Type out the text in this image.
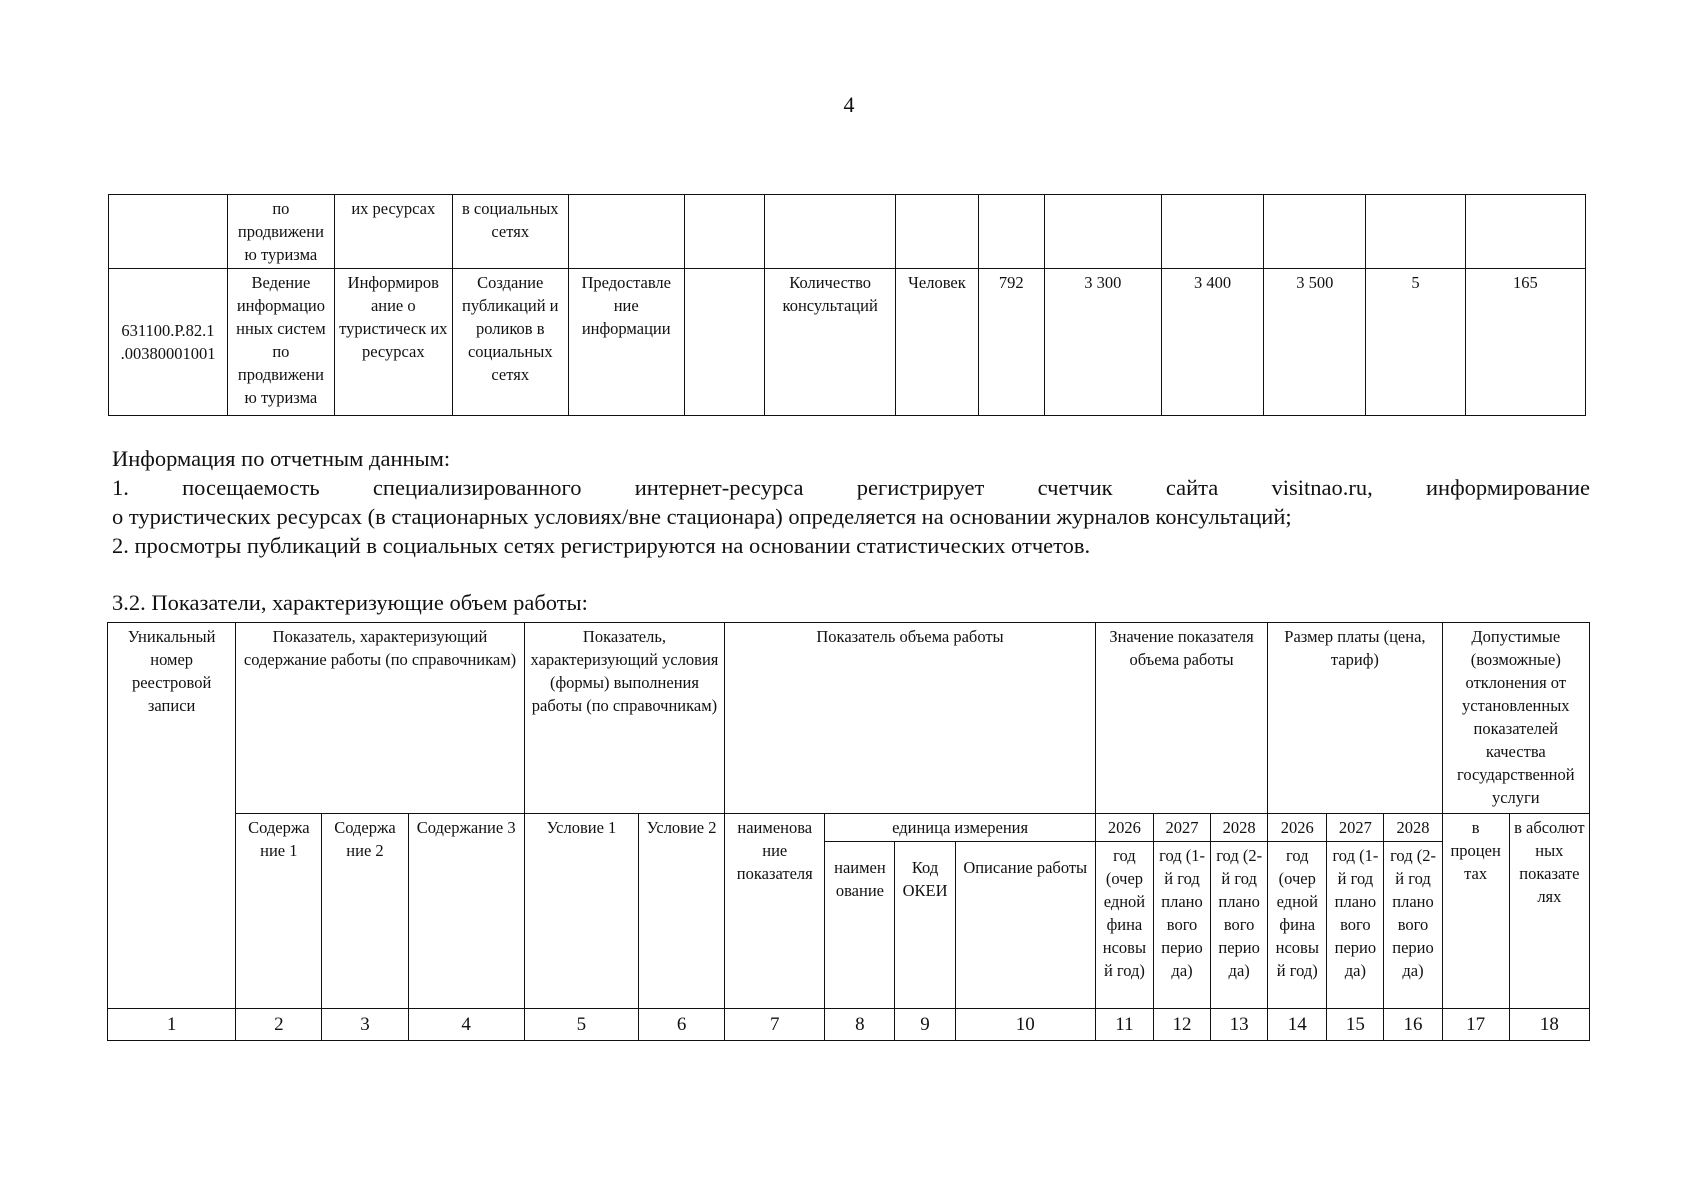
4
	по продвижени ю туризма	их ресурсах	в социальных сетях										
631100.Р.82.1 .00380001001	Ведение информацио нных систем по продвижени ю туризма	Информиров ание о туристическ их ресурсах	Создание публикаций и роликов в социальных сетях	Предоставле ние информации		Количество консультаций	Человек	792	3 300	3 400	3 500	5	165

Информация по отчетным данным:

1. посещаемость специализированного интернет-ресурса регистрирует счетчик сайта visitnao.ru, информирование

о туристических ресурсах (в стационарных условиях/вне стационара) определяется на основании журналов консультаций;

2. просмотры публикаций в социальных сетях регистрируются на основании статистических отчетов.

3.2. Показатели, характеризующие объем работы:
Уникальный номер реестровой записи	Показатель, характеризующий содержание работы (по справочникам)			Показатель, характеризующий условия (формы) выполнения работы (по справочникам)		Показатель объема работы				Значение показателя объема работы			Размер платы (цена, тариф)			Допустимые (возможные) отклонения от установленных показателей качества государственной услуги	
	Содержа ние 1	Содержа ние 2	Содержание 3	Условие 1	Условие 2	наименова ние показателя	единица измерения			2026	2027	2028	2026	2027	2028	в процен тах	в абсолют ных показате лях
							наимен ование	Код ОКЕИ	Описание работы	год (очер едной фина нсовы й год)	год (1-й год плано вого перио да)	год (2-й год плано вого перио да)	год (очер едной фина нсовы й год)	год (1-й год плано вого перио да)	год (2-й год плано вого перио да)		
1	2	3	4	5	6	7	8	9	10	11	12	13	14	15	16	17	18
